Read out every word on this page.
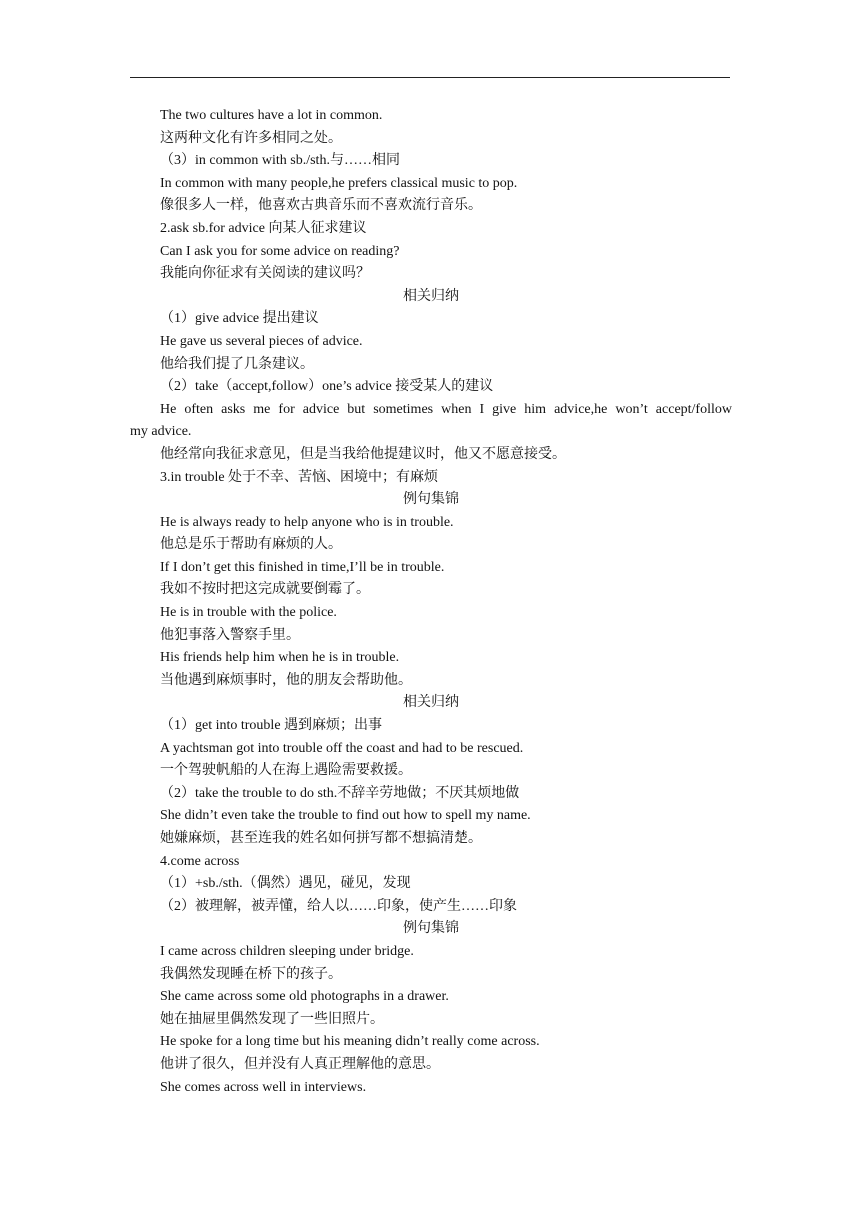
The two cultures have a lot in common.

这两种文化有许多相同之处。

（3）in common with sb./sth.与……相同

In common with many people,he prefers classical music to pop.

像很多人一样，他喜欢古典音乐而不喜欢流行音乐。

2.ask sb.for advice 向某人征求建议

Can I ask you for some advice on reading?

我能向你征求有关阅读的建议吗？

相关归纳

（1）give advice 提出建议

He gave us several pieces of advice.

他给我们提了几条建议。

（2）take（accept,follow）one’s advice 接受某人的建议

He often asks me for advice but sometimes when I give him advice,he won’t accept/follow

my advice.

他经常向我征求意见，但是当我给他提建议时，他又不愿意接受。

3.in trouble 处于不幸、苦恼、困境中；有麻烦

例句集锦

He is always ready to help anyone who is in trouble.

他总是乐于帮助有麻烦的人。

If I don’t get this finished in time,I’ll be in trouble.

我如不按时把这完成就要倒霉了。

He is in trouble with the police.

他犯事落入警察手里。

His friends help him when he is in trouble.

当他遇到麻烦事时，他的朋友会帮助他。

相关归纳

（1）get into trouble 遇到麻烦；出事

A yachtsman got into trouble off the coast and had to be rescued.

一个驾驶帆船的人在海上遇险需要救援。

（2）take the trouble to do sth.不辞辛劳地做；不厌其烦地做

She didn’t even take the trouble to find out how to spell my name.

她嫌麻烦，甚至连我的姓名如何拼写都不想搞清楚。

4.come across

（1）+sb./sth.（偶然）遇见，碰见，发现

（2）被理解，被弄懂，给人以……印象，使产生……印象

例句集锦

I came across children sleeping under bridge.

我偶然发现睡在桥下的孩子。

She came across some old photographs in a drawer.

她在抽屉里偶然发现了一些旧照片。

He spoke for a long time but his meaning didn’t really come across.

他讲了很久，但并没有人真正理解他的意思。

She comes across well in interviews.
